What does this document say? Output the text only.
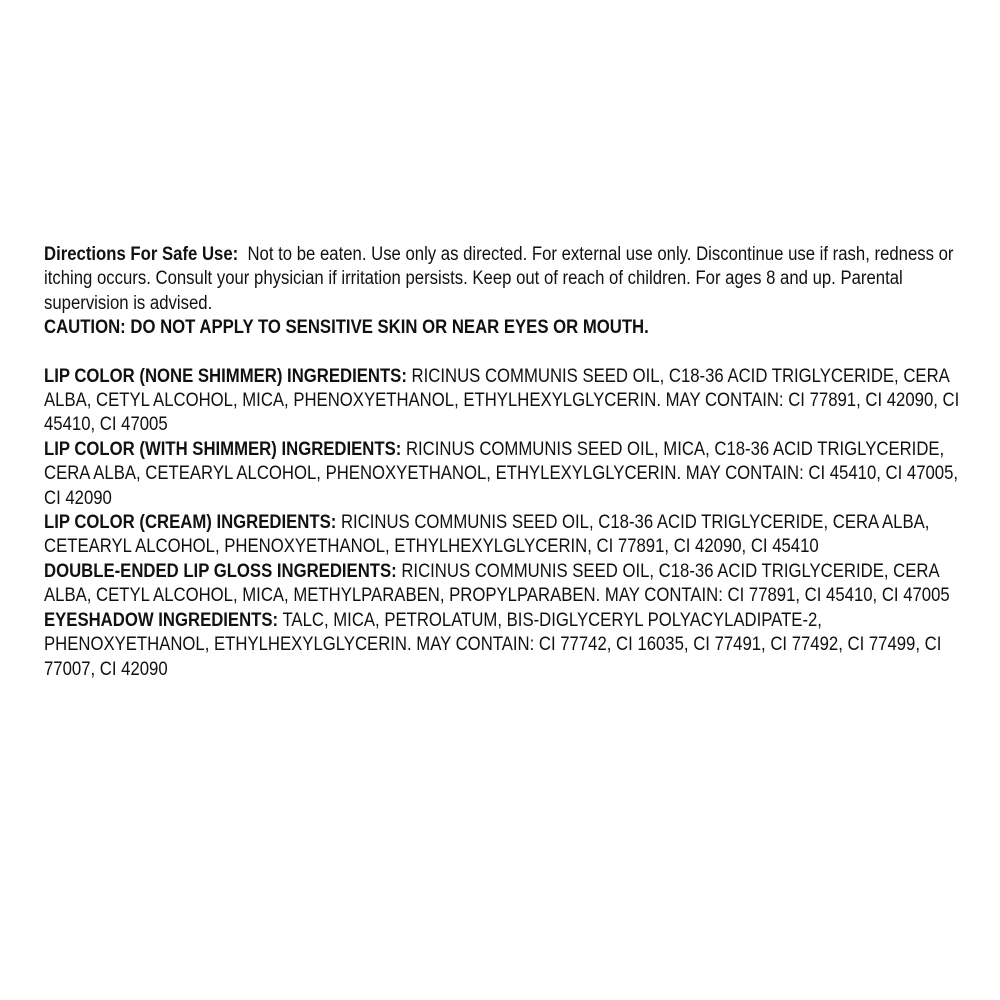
Directions For Safe Use: Not to be eaten. Use only as directed. For external use only. Discontinue use if rash, redness or itching occurs. Consult your physician if irritation persists. Keep out of reach of children. For ages 8 and up. Parental supervision is advised.

CAUTION: DO NOT APPLY TO SENSITIVE SKIN OR NEAR EYES OR MOUTH.

LIP COLOR (NONE SHIMMER) INGREDIENTS: RICINUS COMMUNIS SEED OIL, C18-36 ACID TRIGLYCERIDE, CERA ALBA, CETYL ALCOHOL, MICA, PHENOXYETHANOL, ETHYLHEXYLGLYCERIN. MAY CONTAIN: CI 77891, CI 42090, CI 45410, CI 47005

LIP COLOR (WITH SHIMMER) INGREDIENTS: RICINUS COMMUNIS SEED OIL, MICA, C18-36 ACID TRIGLYCERIDE, CERA ALBA, CETEARYL ALCOHOL, PHENOXYETHANOL, ETHYLEXYLGLYCERIN. MAY CONTAIN: CI 45410, CI 47005, CI 42090

LIP COLOR (CREAM) INGREDIENTS: RICINUS COMMUNIS SEED OIL, C18-36 ACID TRIGLYCERIDE, CERA ALBA, CETEARYL ALCOHOL, PHENOXYETHANOL, ETHYLHEXYLGLYCERIN, CI 77891, CI 42090, CI 45410

DOUBLE-ENDED LIP GLOSS INGREDIENTS: RICINUS COMMUNIS SEED OIL, C18-36 ACID TRIGLYCERIDE, CERA ALBA, CETYL ALCOHOL, MICA, METHYLPARABEN, PROPYLPARABEN. MAY CONTAIN: CI 77891, CI 45410, CI 47005

EYESHADOW INGREDIENTS: TALC, MICA, PETROLATUM, BIS-DIGLYCERYL POLYACYLADIPATE-2, PHENOXYETHANOL, ETHYLHEXYLGLYCERIN. MAY CONTAIN: CI 77742, CI 16035, CI 77491, CI 77492, CI 77499, CI 77007, CI 42090
